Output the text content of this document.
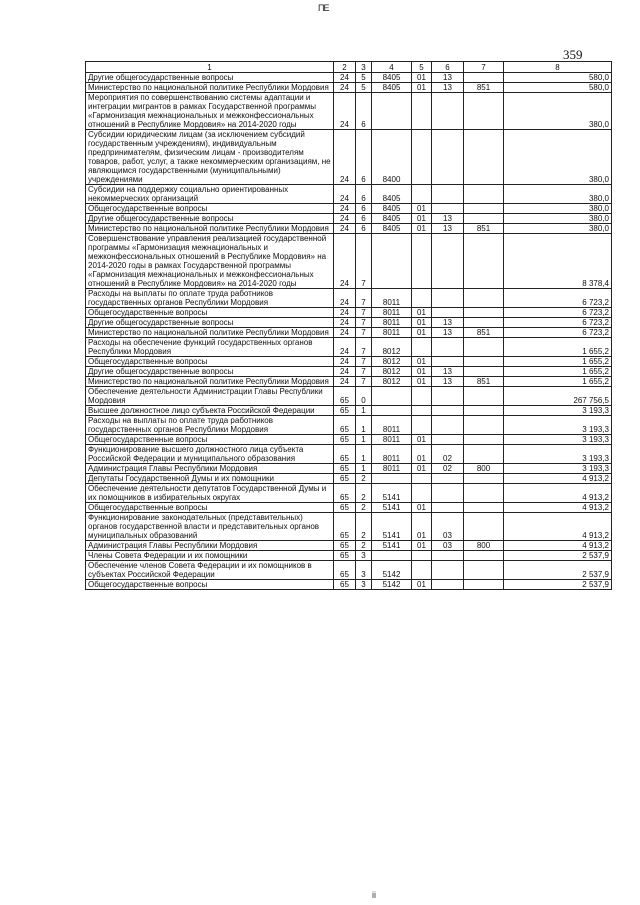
ПЕ
359
1	2	3	4	5	6	7	8
Другие общегосударственные вопросы	24	5	8405	01	13		580,0
Министерство по национальной политике Республики Мордовия	24	5	8405	01	13	851	580,0
Мероприятия по совершенствованию системы адаптации и интеграции мигрантов в рамках Государственной программы «Гармонизация межнациональных и межконфессиональных отношений в Республике Мордовия» на 2014-2020 годы	24	6					380,0
Субсидии юридическим лицам (за исключением субсидий государственным учреждениям), индивидуальным предпринимателям, физическим лицам - производителям товаров, работ, услуг, а также некоммерческим организациям, не являющимся государственными (муниципальными) учреждениями	24	6	8400				380,0
Субсидии на поддержку социально ориентированных некоммерческих организаций	24	6	8405				380,0
Общегосударственные вопросы	24	6	8405	01			380,0
Другие общегосударственные вопросы	24	6	8405	01	13		380,0
Министерство по национальной политике Республики Мордовия	24	6	8405	01	13	851	380,0
Совершенствование управления реализацией государственной программы «Гармонизация межнациональных и межконфессиональных отношений в Республике Мордовия» на 2014-2020 годы в рамках Государственной программы «Гармонизация межнациональных и межконфессиональных отношений в Республике Мордовия» на 2014-2020 годы	24	7					8 378,4
Расходы на выплаты по оплате труда работников государственных органов Республики Мордовия	24	7	8011				6 723,2
Общегосударственные вопросы	24	7	8011	01			6 723,2
Другие общегосударственные вопросы	24	7	8011	01	13		6 723,2
Министерство по национальной политике Республики Мордовия	24	7	8011	01	13	851	6 723,2
Расходы на обеспечение функций государственных органов Республики Мордовия	24	7	8012				1 655,2
Общегосударственные вопросы	24	7	8012	01			1 655,2
Другие общегосударственные вопросы	24	7	8012	01	13		1 655,2
Министерство по национальной политике Республики Мордовия	24	7	8012	01	13	851	1 655,2
Обеспечение деятельности Администрации Главы Республики Мордовия	65	0					267 756,5
Высшее должностное лицо субъекта Российской Федерации	65	1					3 193,3
Расходы на выплаты по оплате труда работников государственных органов Республики Мордовия	65	1	8011				3 193,3
Общегосударственные вопросы	65	1	8011	01			3 193,3
Функционирование высшего должностного лица субъекта Российской Федерации и муниципального образования	65	1	8011	01	02		3 193,3
Администрация Главы Республики Мордовия	65	1	8011	01	02	800	3 193,3
Депутаты Государственной Думы и их помощники	65	2					4 913,2
Обеспечение деятельности депутатов Государственной Думы и их помощников в избирательных округах	65	2	5141				4 913,2
Общегосударственные вопросы	65	2	5141	01			4 913,2
Функционирование законодательных (представительных) органов государственной власти и представительных органов муниципальных образований	65	2	5141	01	03		4 913,2
Администрация Главы Республики Мордовия	65	2	5141	01	03	800	4 913,2
Члены Совета Федерации и их помощники	65	3					2 537,9
Обеспечение членов Совета Федерации и их помощников в субъектах Российской Федерации	65	3	5142				2 537,9
Общегосударственные вопросы	65	3	5142	01			2 537,9
ii
